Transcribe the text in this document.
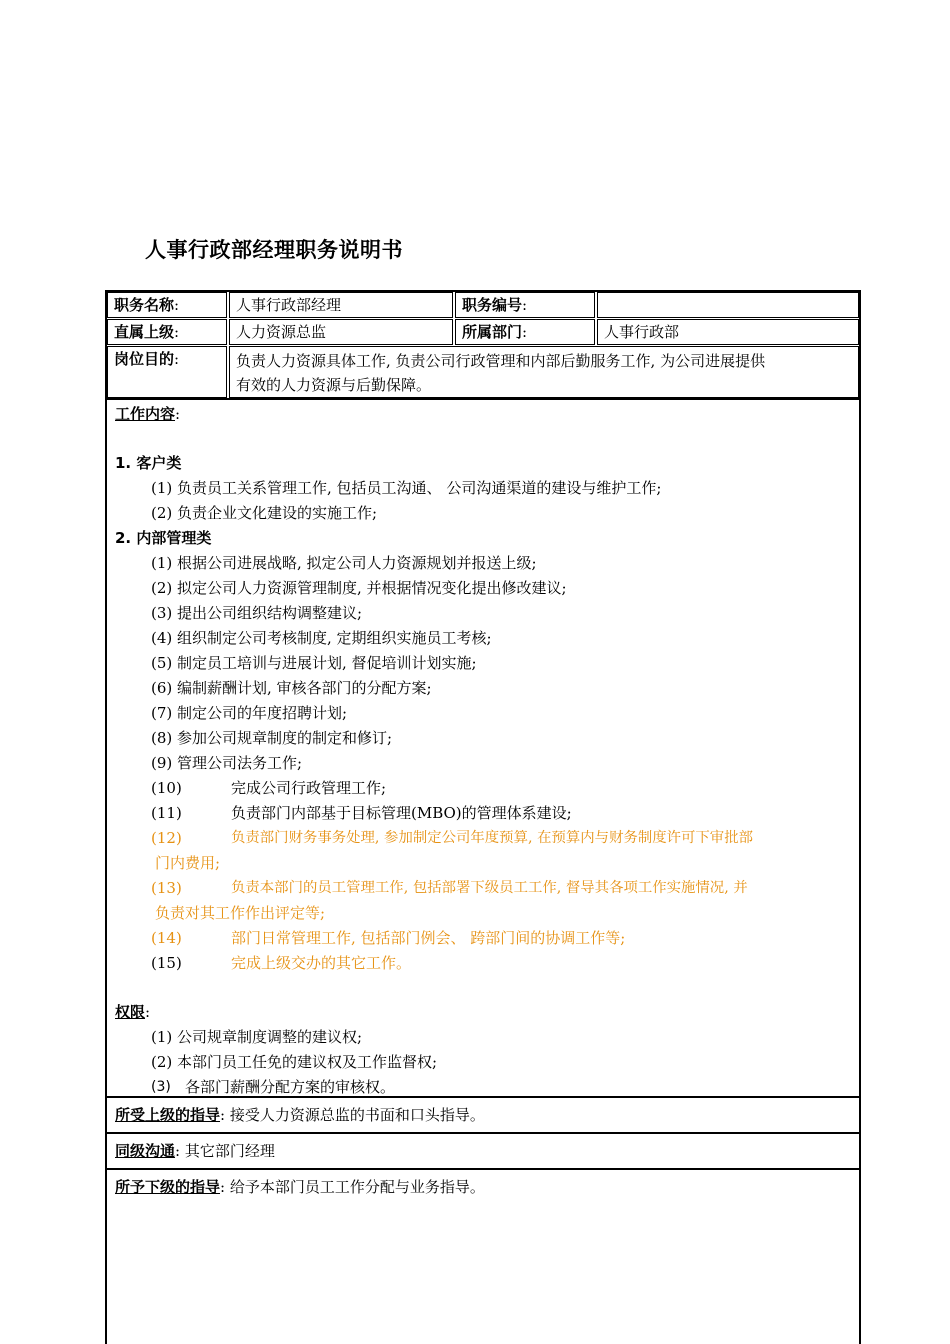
人事行政部经理职务说明书
职务名称:	人事行政部经理	职务编号:
直属上级:	人力资源总监	所属部门:	人事行政部
岗位目的:	负责人力资源具体工作, 负责公司行政管理和内部后勤服务工作, 为公司进展提供
有效的人力资源与后勤保障。
工作内容:
1. 客户类
(1) 负责员工关系管理工作, 包括员工沟通、 公司沟通渠道的建设与维护工作;
(2) 负责企业文化建设的实施工作;
2. 内部管理类
(1) 根据公司进展战略, 拟定公司人力资源规划并报送上级;
(2) 拟定公司人力资源管理制度, 并根据情况变化提出修改建议;
(3) 提出公司组织结构调整建议;
(4) 组织制定公司考核制度, 定期组织实施员工考核;
(5) 制定员工培训与进展计划, 督促培训计划实施;
(6) 编制薪酬计划, 审核各部门的分配方案;
(7) 制定公司的年度招聘计划;
(8) 参加公司规章制度的制定和修订;
(9) 管理公司法务工作;
(10)	完成公司行政管理工作;
(11)	负责部门内部基于目标管理(MBO)的管理体系建设;
(12)	负责部门财务事务处理, 参加制定公司年度预算, 在预算内与财务制度许可下审批部
门内费用;
(13)	负责本部门的员工管理工作, 包括部署下级员工工作, 督导其各项工作实施情况, 并
负责对其工作作出评定等;
(14)	部门日常管理工作, 包括部门例会、 跨部门间的协调工作等;
(15)	完成上级交办的其它工作。
权限:
(1) 公司规章制度调整的建议权;
(2) 本部门员工任免的建议权及工作监督权;
(3) 各部门薪酬分配方案的审核权。
所受上级的指导: 接受人力资源总监的书面和口头指导。
同级沟通: 其它部门经理
所予下级的指导: 给予本部门员工工作分配与业务指导。
